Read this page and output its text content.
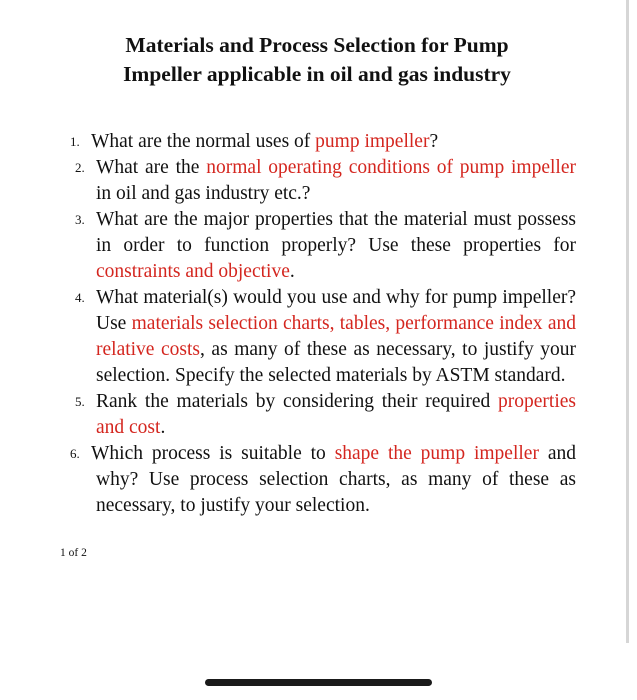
Materials and Process Selection for Pump
Impeller applicable in oil and gas industry
1. What are the normal uses of pump impeller?
2. What are the normal operating conditions of pump impeller in oil and gas industry etc.?
3. What are the major properties that the material must possess in order to function properly? Use these properties for constraints and objective.
4. What material(s) would you use and why for pump impeller? Use materials selection charts, tables, performance index and relative costs, as many of these as necessary, to justify your selection. Specify the selected materials by ASTM standard.
5. Rank the materials by considering their required properties and cost.
6. Which process is suitable to shape the pump impeller and why? Use process selection charts, as many of these as necessary, to justify your selection.
1 of 2
